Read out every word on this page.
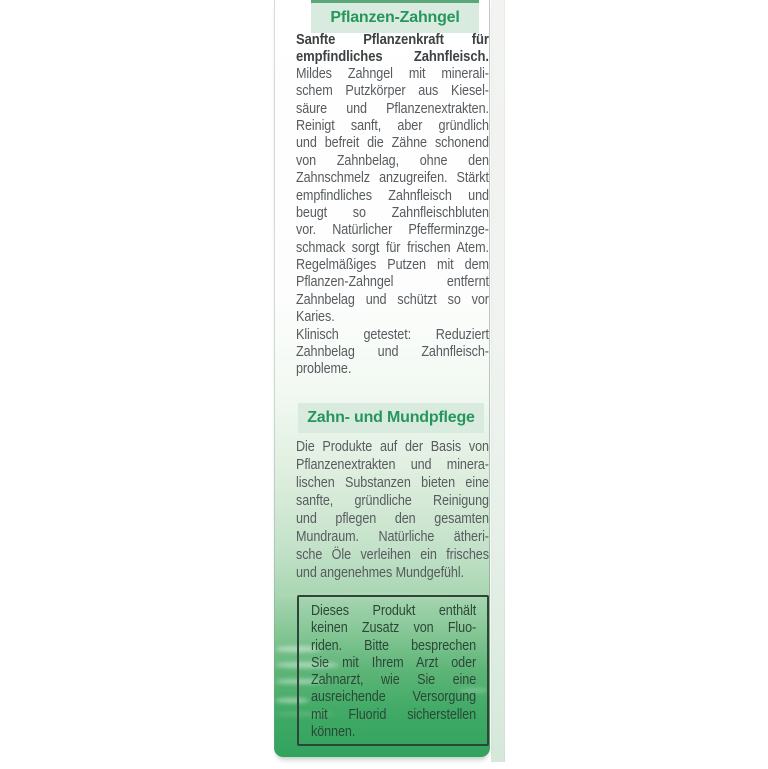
Pflanzen-Zahngel
Sanfte Pflanzenkraft für
empfindliches Zahnfleisch.
Mildes Zahngel mit minerali-
schem Putzkörper aus Kiesel-
säure und Pflanzenextrakten.
Reinigt sanft, aber gründlich
und befreit die Zähne schonend
von Zahnbelag, ohne den
Zahnschmelz anzugreifen. Stärkt
empfindliches Zahnfleisch und
beugt so Zahnfleischbluten
vor. Natürlicher Pfefferminzge-
schmack sorgt für frischen Atem.
Regelmäßiges Putzen mit dem
Pflanzen-Zahngel entfernt
Zahnbelag und schützt so vor
Karies.
Klinisch getestet: Reduziert
Zahnbelag und Zahnfleisch-
probleme.
Zahn- und Mundpflege
Die Produkte auf der Basis von
Pflanzenextrakten und minera-
lischen Substanzen bieten eine
sanfte, gründliche Reinigung
und pflegen den gesamten
Mundraum. Natürliche ätheri-
sche Öle verleihen ein frisches
und angenehmes Mundgefühl.
Dieses Produkt enthält
keinen Zusatz von Fluo-
riden. Bitte besprechen
Sie mit Ihrem Arzt oder
Zahnarzt, wie Sie eine
ausreichende Versorgung
mit Fluorid sicherstellen
können.
